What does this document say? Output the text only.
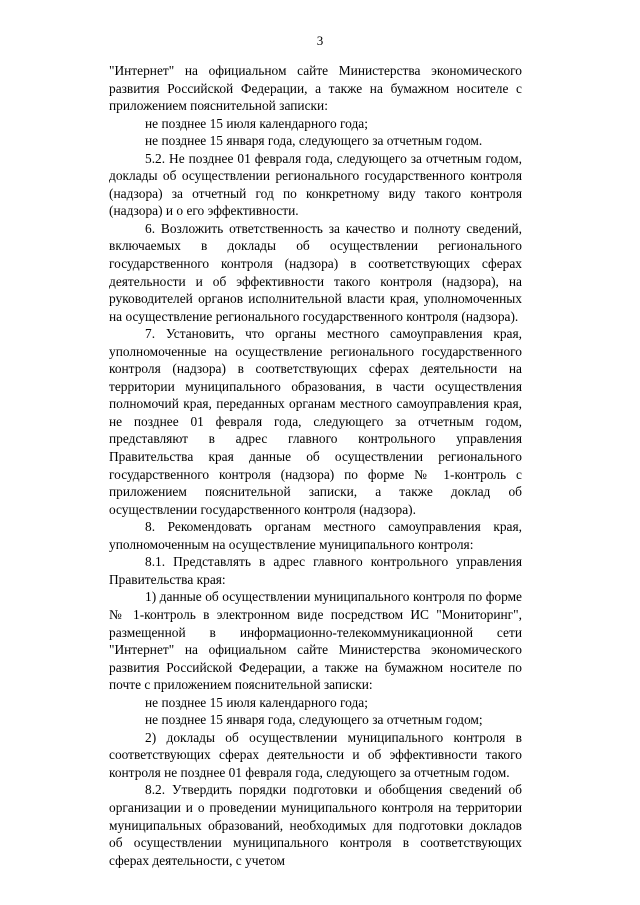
3

"Интернет" на официальном сайте Министерства экономического развития Российской Федерации, а также на бумажном носителе с приложением пояснительной записки:

не позднее 15 июля календарного года;

не позднее 15 января года, следующего за отчетным годом.

5.2. Не позднее 01 февраля года, следующего за отчетным годом, доклады об осуществлении регионального государственного контроля (надзора) за отчетный год по конкретному виду такого контроля (надзора) и о его эффективности.

6. Возложить ответственность за качество и полноту сведений, включаемых в доклады об осуществлении регионального государственного контроля (надзора) в соответствующих сферах деятельности и об эффективности такого контроля (надзора), на руководителей органов исполнительной власти края, уполномоченных на осуществление регионального государственного контроля (надзора).

7. Установить, что органы местного самоуправления края, уполномоченные на осуществление регионального государственного контроля (надзора) в соответствующих сферах деятельности на территории муниципального образования, в части осуществления полномочий края, переданных органам местного самоуправления края, не позднее 01 февраля года, следующего за отчетным годом, представляют в адрес главного контрольного управления Правительства края данные об осуществлении регионального государственного контроля (надзора) по форме № 1-контроль с приложением пояснительной записки, а также доклад об осуществлении государственного контроля (надзора).

8. Рекомендовать органам местного самоуправления края, уполномоченным на осуществление муниципального контроля:

8.1. Представлять в адрес главного контрольного управления Правительства края:

1) данные об осуществлении муниципального контроля по форме № 1-контроль в электронном виде посредством ИС "Мониторинг", размещенной в информационно-телекоммуникационной сети "Интернет" на официальном сайте Министерства экономического развития Российской Федерации, а также на бумажном носителе по почте с приложением пояснительной записки:

не позднее 15 июля календарного года;

не позднее 15 января года, следующего за отчетным годом;

2) доклады об осуществлении муниципального контроля в соответствующих сферах деятельности и об эффективности такого контроля не позднее 01 февраля года, следующего за отчетным годом.

8.2. Утвердить порядки подготовки и обобщения сведений об организации и о проведении муниципального контроля на территории муниципальных образований, необходимых для подготовки докладов об осуществлении муниципального контроля в соответствующих сферах деятельности, с учетом
